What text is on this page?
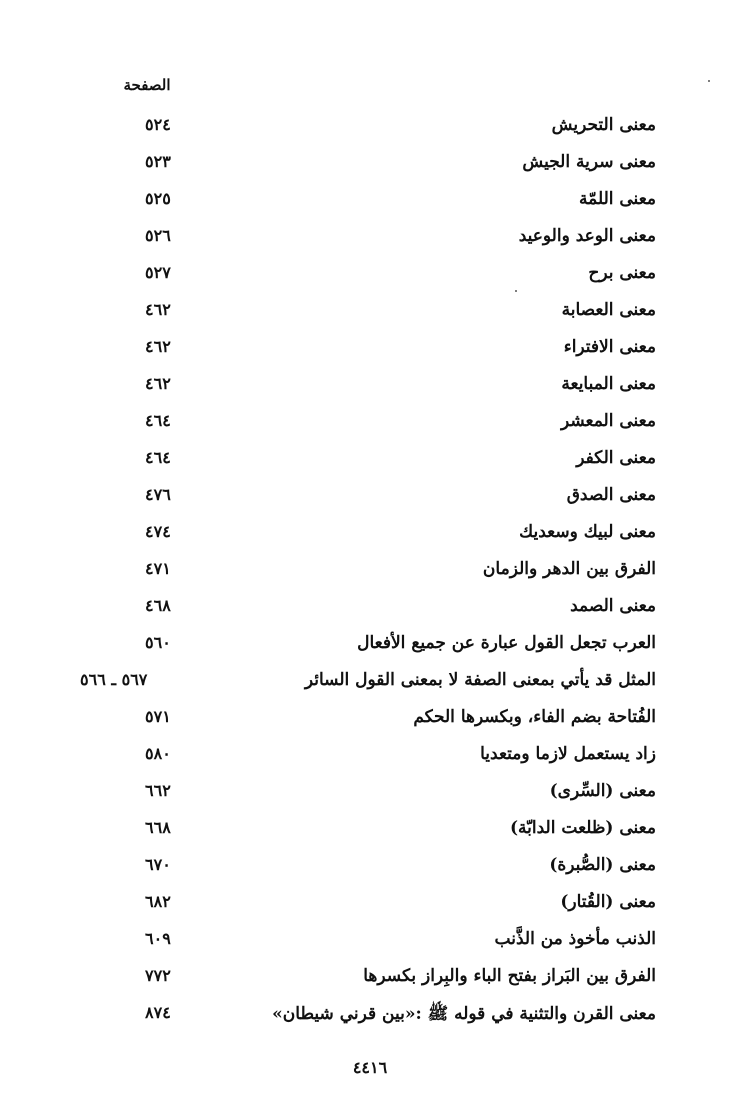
الصفحة
معنى التحريش
٥٢٤
معنى سرية الجيش
٥٢٣
معنى اللمّة
٥٢٥
معنى الوعد والوعيد
٥٢٦
معنى برح
٥٢٧
معنى العصابة
٤٦٢
معنى الافتراء
٤٦٢
معنى المبايعة
٤٦٢
معنى المعشر
٤٦٤
معنى الكفر
٤٦٤
معنى الصدق
٤٧٦
معنى لبيك وسعديك
٤٧٤
الفرق بين الدهر والزمان
٤٧١
معنى الصمد
٤٦٨
العرب تجعل القول عبارة عن جميع الأفعال
٥٦٠
المثل قد يأتي بمعنى الصفة لا بمعنى القول السائر
٥٦٧ ـ ٥٦٦
الفُتاحة بضم الفاء، وبكسرها الحكم
٥٧١
زاد يستعمل لازما ومتعديا
٥٨٠
معنى (السِّرى)
٦٦٢
معنى (ظلعت الدابّة)
٦٦٨
معنى (الصُّبرة)
٦٧٠
معنى (القُتار)
٦٨٢
الذنب مأخوذ من الذَّنب
٦٠٩
الفرق بين البَراز بفتح الباء والبِراز بكسرها
٧٧٢
معنى القرن والتثنية في قوله ﷺ :«بين قرني شيطان»
٨٧٤
٤٤١٦
